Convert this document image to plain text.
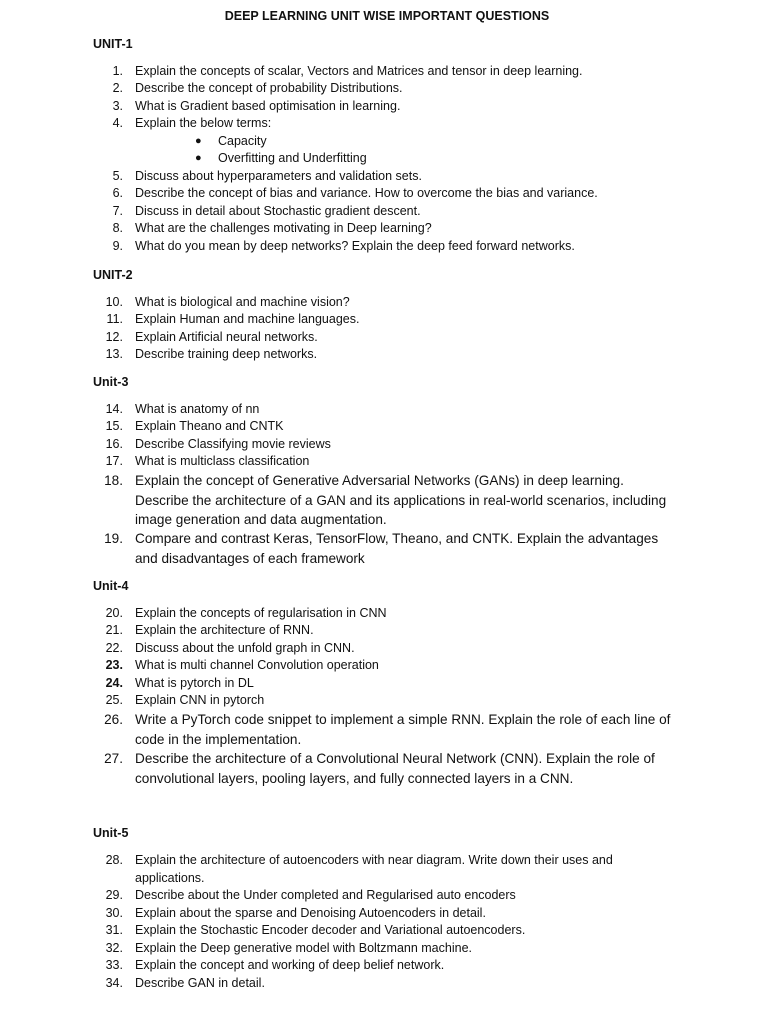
DEEP LEARNING UNIT WISE IMPORTANT QUESTIONS
UNIT-1
UNIT-2
Unit-3
Unit-4
Unit-5
1. Explain the concepts of scalar, Vectors and Matrices and tensor in deep learning.
2. Describe the concept of probability Distributions.
3. What is Gradient based optimisation in learning.
4. Explain the below terms:
● Capacity
● Overfitting and Underfitting
5. Discuss about hyperparameters and validation sets.
6. Describe the concept of bias and variance. How to overcome the bias and variance.
7. Discuss in detail about Stochastic gradient descent.
8. What are the challenges motivating in Deep learning?
9. What do you mean by deep networks? Explain the deep feed forward networks.
10. What is biological and machine vision?
11. Explain Human and machine languages.
12. Explain Artificial neural networks.
13. Describe training deep networks.
14. What is anatomy of nn
15. Explain Theano and CNTK
16. Describe Classifying movie reviews
17. What is multiclass classification
18. Explain the concept of Generative Adversarial Networks (GANs) in deep learning. Describe the architecture of a GAN and its applications in real-world scenarios, including image generation and data augmentation.
19. Compare and contrast Keras, TensorFlow, Theano, and CNTK. Explain the advantages and disadvantages of each framework
20. Explain the concepts of regularisation in CNN
21. Explain the architecture of RNN.
22. Discuss about the unfold graph in CNN.
23. What is multi channel Convolution operation
24. What is pytorch in DL
25. Explain CNN in pytorch
26. Write a PyTorch code snippet to implement a simple RNN. Explain the role of each line of code in the implementation.
27. Describe the architecture of a Convolutional Neural Network (CNN). Explain the role of convolutional layers, pooling layers, and fully connected layers in a CNN.
28. Explain the architecture of autoencoders with near diagram. Write down their uses and applications.
29. Describe about the Under completed and Regularised auto encoders
30. Explain about the sparse and Denoising Autoencoders in detail.
31. Explain the Stochastic Encoder decoder and Variational autoencoders.
32. Explain the Deep generative model with Boltzmann machine.
33. Explain the concept and working of deep belief network.
34. Describe GAN in detail.
